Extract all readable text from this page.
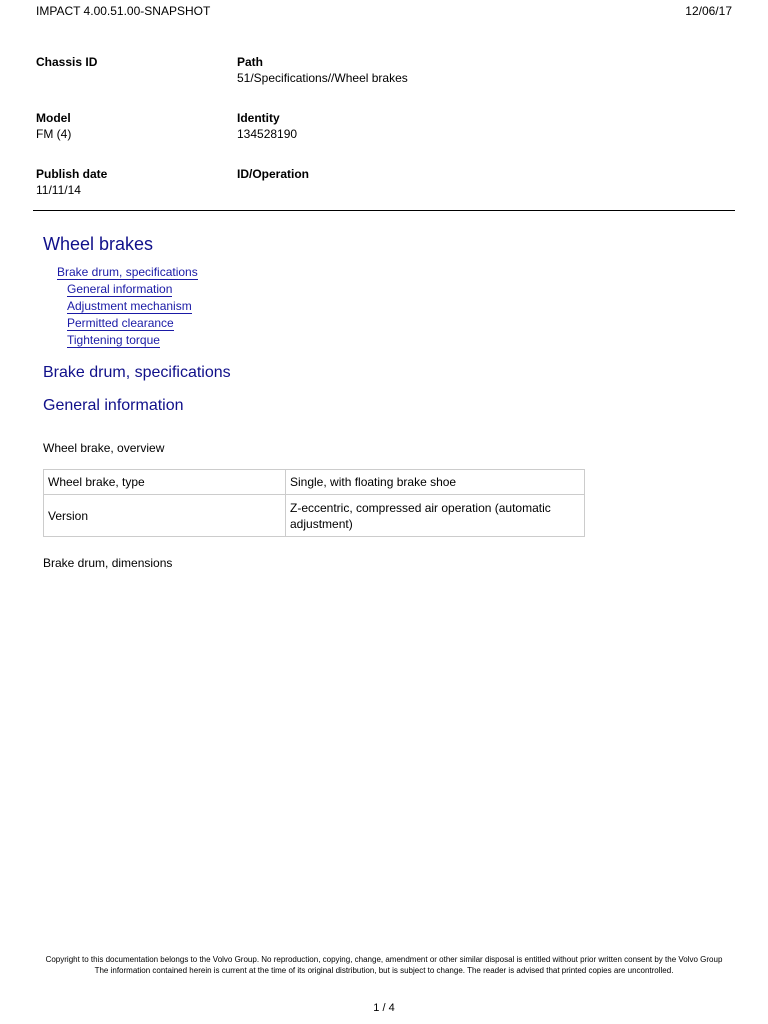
IMPACT 4.00.51.00-SNAPSHOT	12/06/17
Chassis ID	Path
51/Specifications//Wheel brakes
Model
FM (4)
Identity
134528190
Publish date
11/11/14
ID/Operation
Wheel brakes
Brake drum, specifications
General information
Adjustment mechanism
Permitted clearance
Tightening torque
Brake drum, specifications
General information
Wheel brake, overview
Wheel brake, type	Single, with floating brake shoe
Version	Z-eccentric, compressed air operation (automatic adjustment)
Brake drum, dimensions
Copyright to this documentation belongs to the Volvo Group. No reproduction, copying, change, amendment or other similar disposal is entitled without prior written consent by the Volvo Group
The information contained herein is current at the time of its original distribution, but is subject to change. The reader is advised that printed copies are uncontrolled.
1 / 4
